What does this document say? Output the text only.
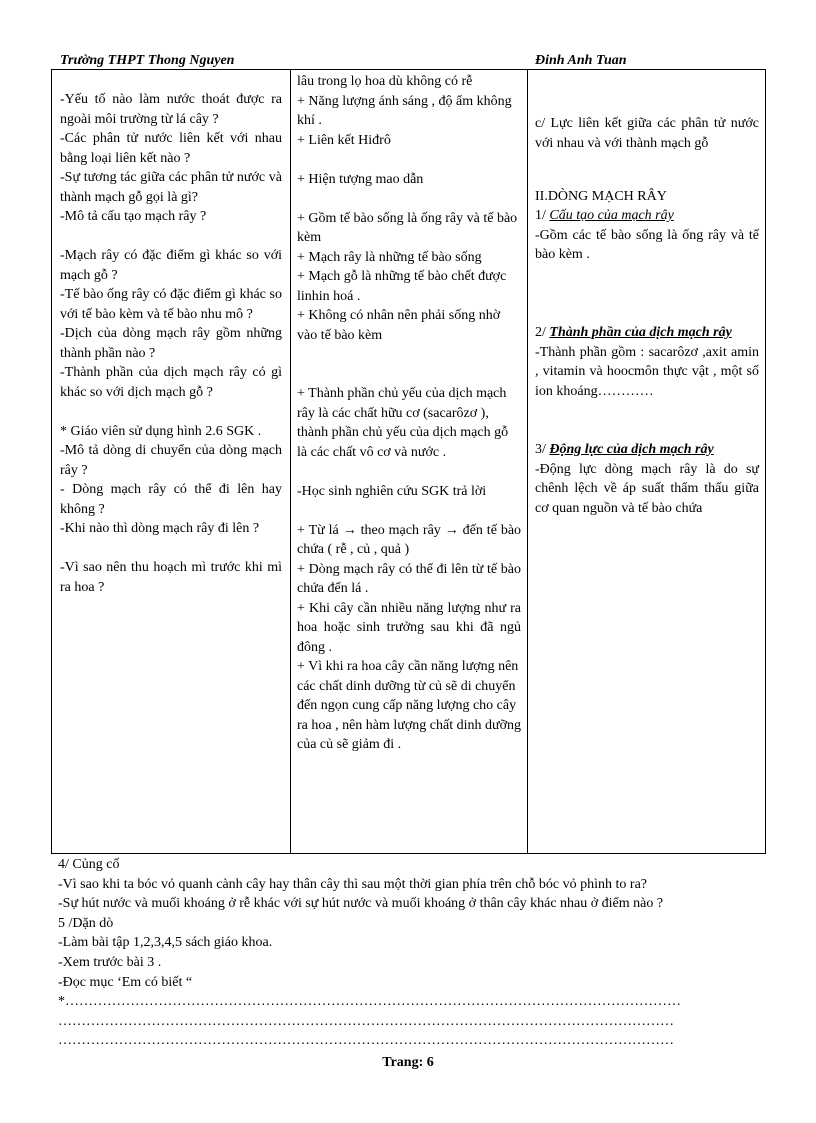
Trường THPT Thong Nguyen	Đinh Anh Tuan

-Yếu tố nào làm nước thoát được ra ngoài môi trường từ lá cây ?

-Các phân tử nước liên kết với nhau bằng loại liên kết nào ?

-Sự tương tác giữa các phân tử nước và thành mạch gỗ gọi là gì?

-Mô tả cấu tạo mạch rây ?

-Mạch rây có đặc điểm gì khác so với mạch gỗ ?

-Tế bào ống rây có đặc điểm gì khác so với tế bào kèm và tế bào nhu mô ?

-Dịch của dòng mạch rây gồm những thành phần nào ?

-Thành phần của dịch mạch rây có gì khác so với dịch mạch gỗ ?

* Giáo viên sử dụng hình 2.6 SGK .

-Mô tả dòng di chuyển của dòng mạch rây ?

- Dòng mạch rây có thể đi lên hay không ?

-Khi nào thì dòng mạch rây đi lên ?

-Vì sao nên thu hoạch mì trước khi mì ra hoa ?

lâu trong lọ hoa dù không có rễ

+ Năng lượng ánh sáng , độ ẩm không khí .

+ Liên kết Hiđrô

+ Hiện tượng mao dẫn

+ Gồm tế bào sống là ống rây và tế bào kèm

+ Mạch rây là những tế bào sống

+ Mạch gỗ là những tế bào chết được linhin hoá .

+ Không có nhân nên phải sống nhờ vào tế bào kèm

+ Thành phần chủ yếu của dịch mạch rây là các chất hữu cơ (sacarôzơ ), thành phần chủ yếu của dịch mạch gỗ là các chất vô cơ và nước .

-Học sinh nghiên cứu SGK trả lời

+ Từ lá → theo mạch rây → đến tế bào chứa ( rễ , củ , quả )

+ Dòng mạch rây có thể đi lên từ tế bào chứa đến lá .

+ Khi cây cần nhiều năng lượng như ra hoa hoặc sinh trưởng sau khi đã ngủ đông .

+ Vì khi ra hoa cây cần năng lượng nên các chất dinh dưỡng từ củ sẽ di chuyển đến ngọn cung cấp năng lượng cho cây ra hoa , nên hàm lượng chất dinh dưỡng của củ sẽ giảm đi .

c/ Lực liên kết giữa các phân tử nước với nhau và với thành mạch gỗ

II.DÒNG MẠCH RÂY

1/ Cấu tạo của mạch rây

-Gồm các tế bào sống là ống rây và tế bào kèm .

2/ Thành phần của dịch mạch rây

-Thành phần gồm : sacarôzơ ,axit amin , vitamin và hoocmôn thực vật , một số ion khoáng…………

3/ Động lực của dịch mạch rây

-Động lực dòng mạch rây là do sự chênh lệch về áp suất thẩm thấu giữa cơ quan nguồn và tế bào chứa

4/ Củng cố

-Vì sao khi ta bóc vỏ quanh cành cây hay thân cây thì sau một thời gian phía trên chỗ bóc vỏ phình to ra?

-Sự hút nước và muối khoáng ở rễ khác với sự hút nước và muối khoáng ở thân cây khác nhau ở điểm nào ?

5 /Dặn dò

-Làm bài tập 1,2,3,4,5 sách giáo khoa.

-Xem trước bài 3 .

-Đọc mục ‘Em có biết “

*……………………………………………………………………………………………………………………

……………………………………………………………………………………………………………………

……………………………………………………………………………………………………………………

Trang: 6
